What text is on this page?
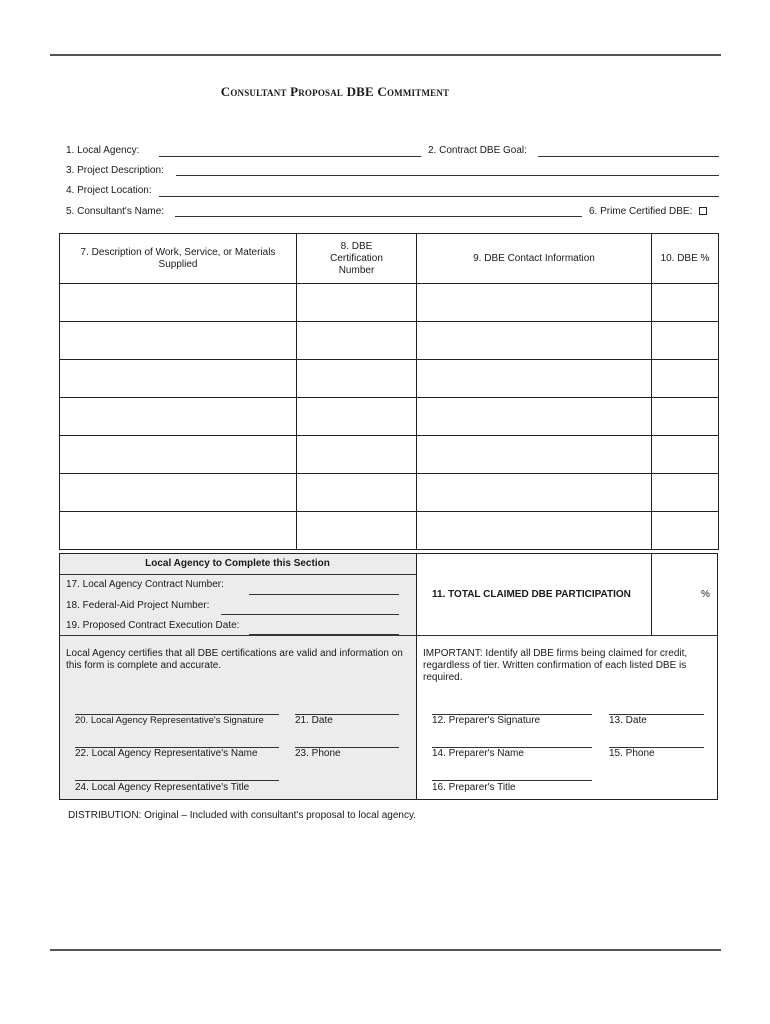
Consultant Proposal DBE Commitment
1. Local Agency:	2. Contract DBE Goal:
3. Project Description:
4. Project Location:
5. Consultant's Name:	6. Prime Certified DBE:
7. Description of Work, Service, or Materials Supplied	8. DBE Certification Number	9. DBE Contact Information	10. DBE %

Local Agency to Complete this Section
17. Local Agency Contract Number:
18. Federal-Aid Project Number:
19. Proposed Contract Execution Date:
Local Agency certifies that all DBE certifications are valid and information on this form is complete and accurate.
20. Local Agency Representative's Signature	21. Date
22. Local Agency Representative's Name	23. Phone
24. Local Agency Representative's Title
11. TOTAL CLAIMED DBE PARTICIPATION	%
IMPORTANT: Identify all DBE firms being claimed for credit, regardless of tier. Written confirmation of each listed DBE is required.
12. Preparer's Signature	13. Date
14. Preparer's Name	15. Phone
16. Preparer's Title
DISTRIBUTION: Original – Included with consultant's proposal to local agency.
